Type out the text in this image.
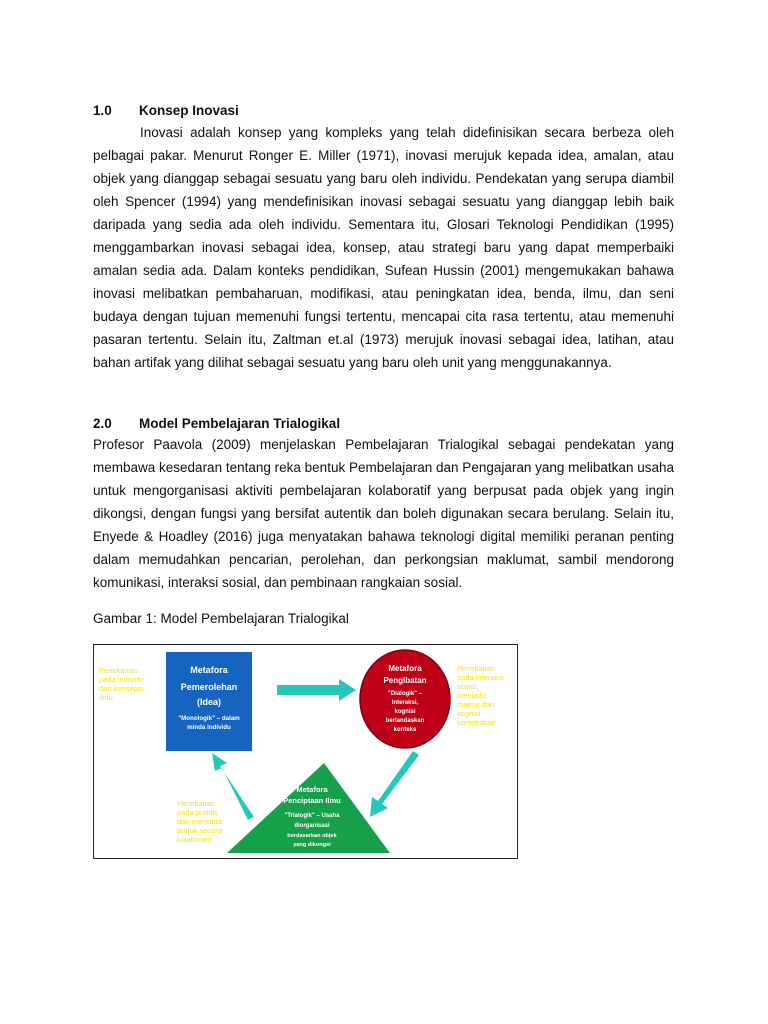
1.0 Konsep Inovasi

Inovasi adalah konsep yang kompleks yang telah didefinisikan secara berbeza oleh pelbagai pakar. Menurut Ronger E. Miller (1971), inovasi merujuk kepada idea, amalan, atau objek yang dianggap sebagai sesuatu yang baru oleh individu. Pendekatan yang serupa diambil oleh Spencer (1994) yang mendefinisikan inovasi sebagai sesuatu yang dianggap lebih baik daripada yang sedia ada oleh individu. Sementara itu, Glosari Teknologi Pendidikan (1995) menggambarkan inovasi sebagai idea, konsep, atau strategi baru yang dapat memperbaiki amalan sedia ada. Dalam konteks pendidikan, Sufean Hussin (2001) mengemukakan bahawa inovasi melibatkan pembaharuan, modifikasi, atau peningkatan idea, benda, ilmu, dan seni budaya dengan tujuan memenuhi fungsi tertentu, mencapai cita rasa tertentu, atau memenuhi pasaran tertentu. Selain itu, Zaltman et.al (1973) merujuk inovasi sebagai idea, latihan, atau bahan artifak yang dilihat sebagai sesuatu yang baru oleh unit yang menggunakannya.

2.0 Model Pembelajaran Trialogikal

Profesor Paavola (2009) menjelaskan Pembelajaran Trialogikal sebagai pendekatan yang membawa kesedaran tentang reka bentuk Pembelajaran dan Pengajaran yang melibatkan usaha untuk mengorganisasi aktiviti pembelajaran kolaboratif yang berpusat pada objek yang ingin dikongsi, dengan fungsi yang bersifat autentik dan boleh digunakan secara berulang. Selain itu, Enyede & Hoadley (2016) juga menyatakan bahawa teknologi digital memiliki peranan penting dalam memudahkan pencarian, perolehan, dan perkongsian maklumat, sambil mendorong komunikasi, interaksi sosial, dan pembinaan rangkaian sosial.

Gambar 1: Model Pembelajaran Trialogikal

Metafora
Pemerolehan
(Idea)
"Monologik" – dalam
minda individu
Metafora
Pengibatan
"Dialogik" –
Interaksi,
kognisi
berlandaskan
konteks
Metafora
Penciptaan Ilmu
"Trialogik" – Usaha
diorganisasi
berdasarkan objek
yang dikongsi
Penekanan
pada individu
dan konsepsi
ilmu
Penekanan
pada interaksi
sosial,
menjadu
makna dan
kognisi
kontekstual
Penekanan
pada praktis
dan mencipta
artifak secara
kolaboratif
